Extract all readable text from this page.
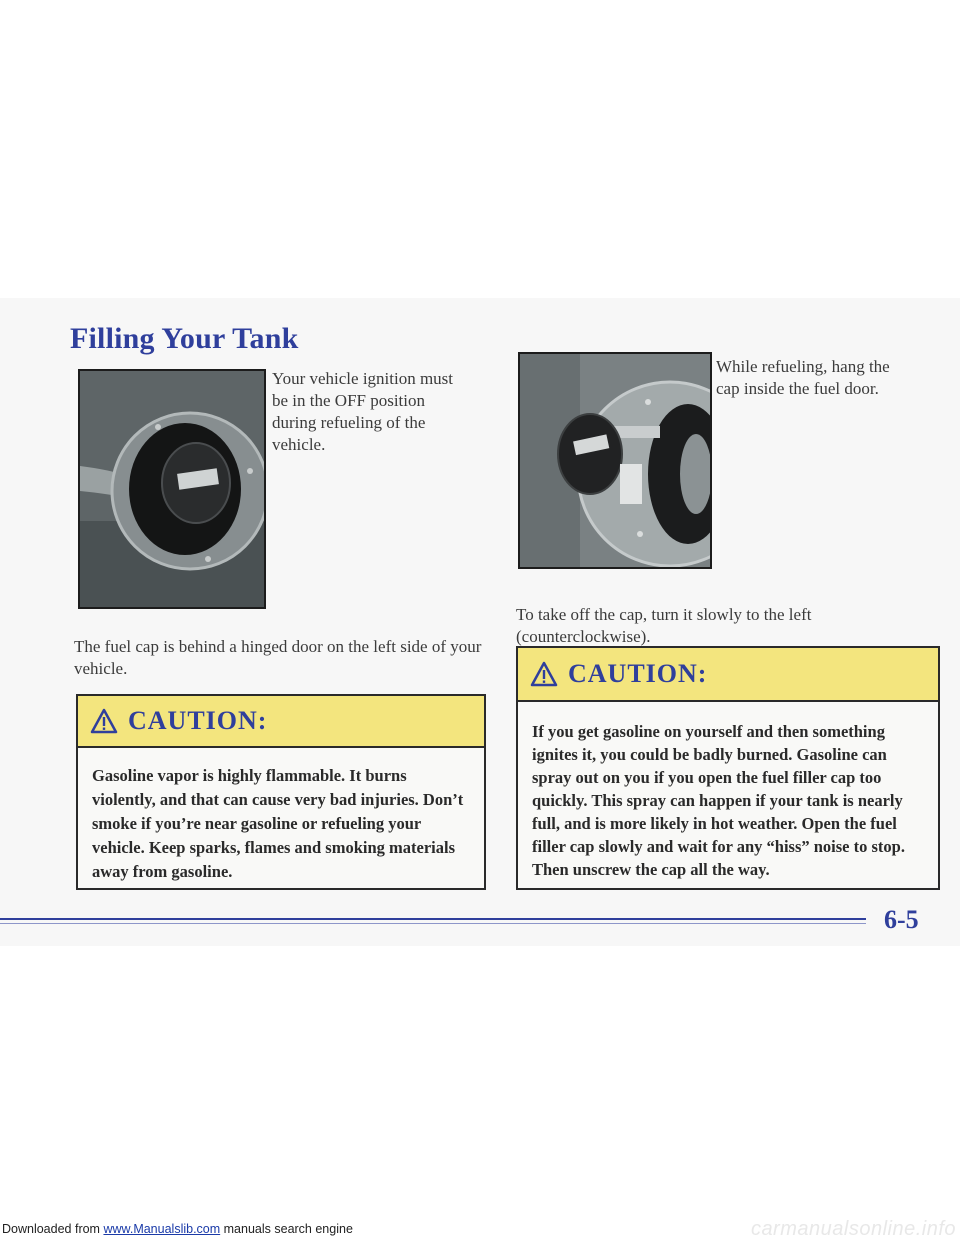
Filling Your Tank

Your vehicle ignition must be in the OFF position during refueling of the vehicle.

While refueling, hang the cap inside the fuel door.

The fuel cap is behind a hinged door on the left side of your vehicle.

To take off the cap, turn it slowly to the left (counterclockwise).

CAUTION:

Gasoline vapor is highly flammable. It burns violently, and that can cause very bad injuries. Don’t smoke if you’re near gasoline or refueling your vehicle. Keep sparks, flames and smoking materials away from gasoline.

CAUTION:

If you get gasoline on yourself and then something ignites it, you could be badly burned. Gasoline can spray out on you if you open the fuel filler cap too quickly. This spray can happen if your tank is nearly full, and is more likely in hot weather. Open the fuel filler cap slowly and wait for any “hiss” noise to stop. Then unscrew the cap all the way.

6-5

Downloaded from www.Manualslib.com manuals search engine	carmanualsonline.info
